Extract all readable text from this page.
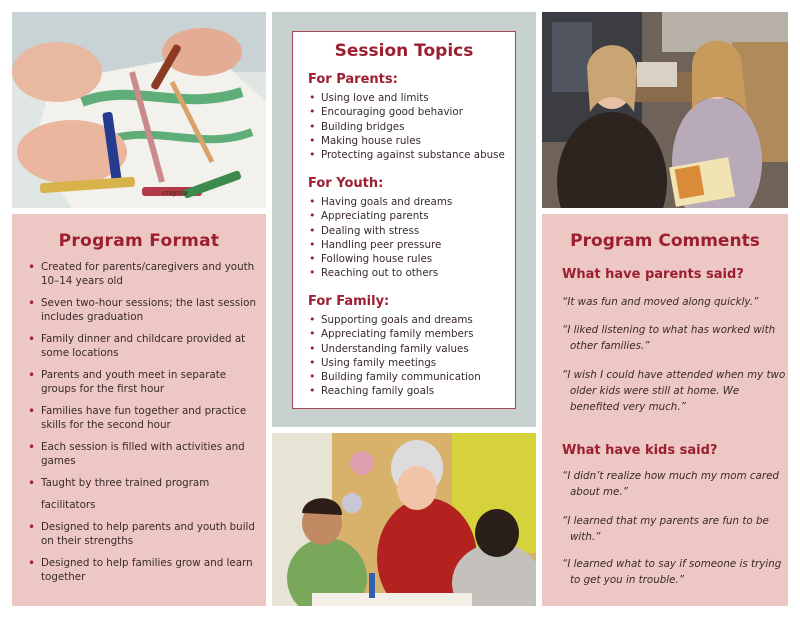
crayola
Program Format
• Created for parents/caregivers and youth 10–14 years old
• Seven two-hour sessions; the last session includes graduation
• Family dinner and childcare provided at some locations
• Parents and youth meet in separate groups for the first hour
• Families have fun together and practice skills for the second hour
• Each session is filled with activities and games
• Taught by three trained program
facilitators
• Designed to help parents and youth build on their strengths
• Designed to help families grow and learn together
Session Topics

For Parents:

• Using love and limits
• Encouraging good behavior
• Building bridges
• Making house rules
• Protecting against substance abuse

For Youth:

• Having goals and dreams
• Appreciating parents
• Dealing with stress
• Handling peer pressure
• Following house rules
• Reaching out to others

For Family:

• Supporting goals and dreams
• Appreciating family members
• Understanding family values
• Using family meetings
• Building family communication
• Reaching family goals
Program Comments

What have parents said?

“It was fun and moved along quickly.”

“I liked listening to what has worked with other families.”

“I wish I could have attended when my two older kids were still at home. We benefited very much.”

What have kids said?

“I didn’t realize how much my mom cared about me.”

“I learned that my parents are fun to be with.”

“I learned what to say if someone is trying to get you in trouble.”
